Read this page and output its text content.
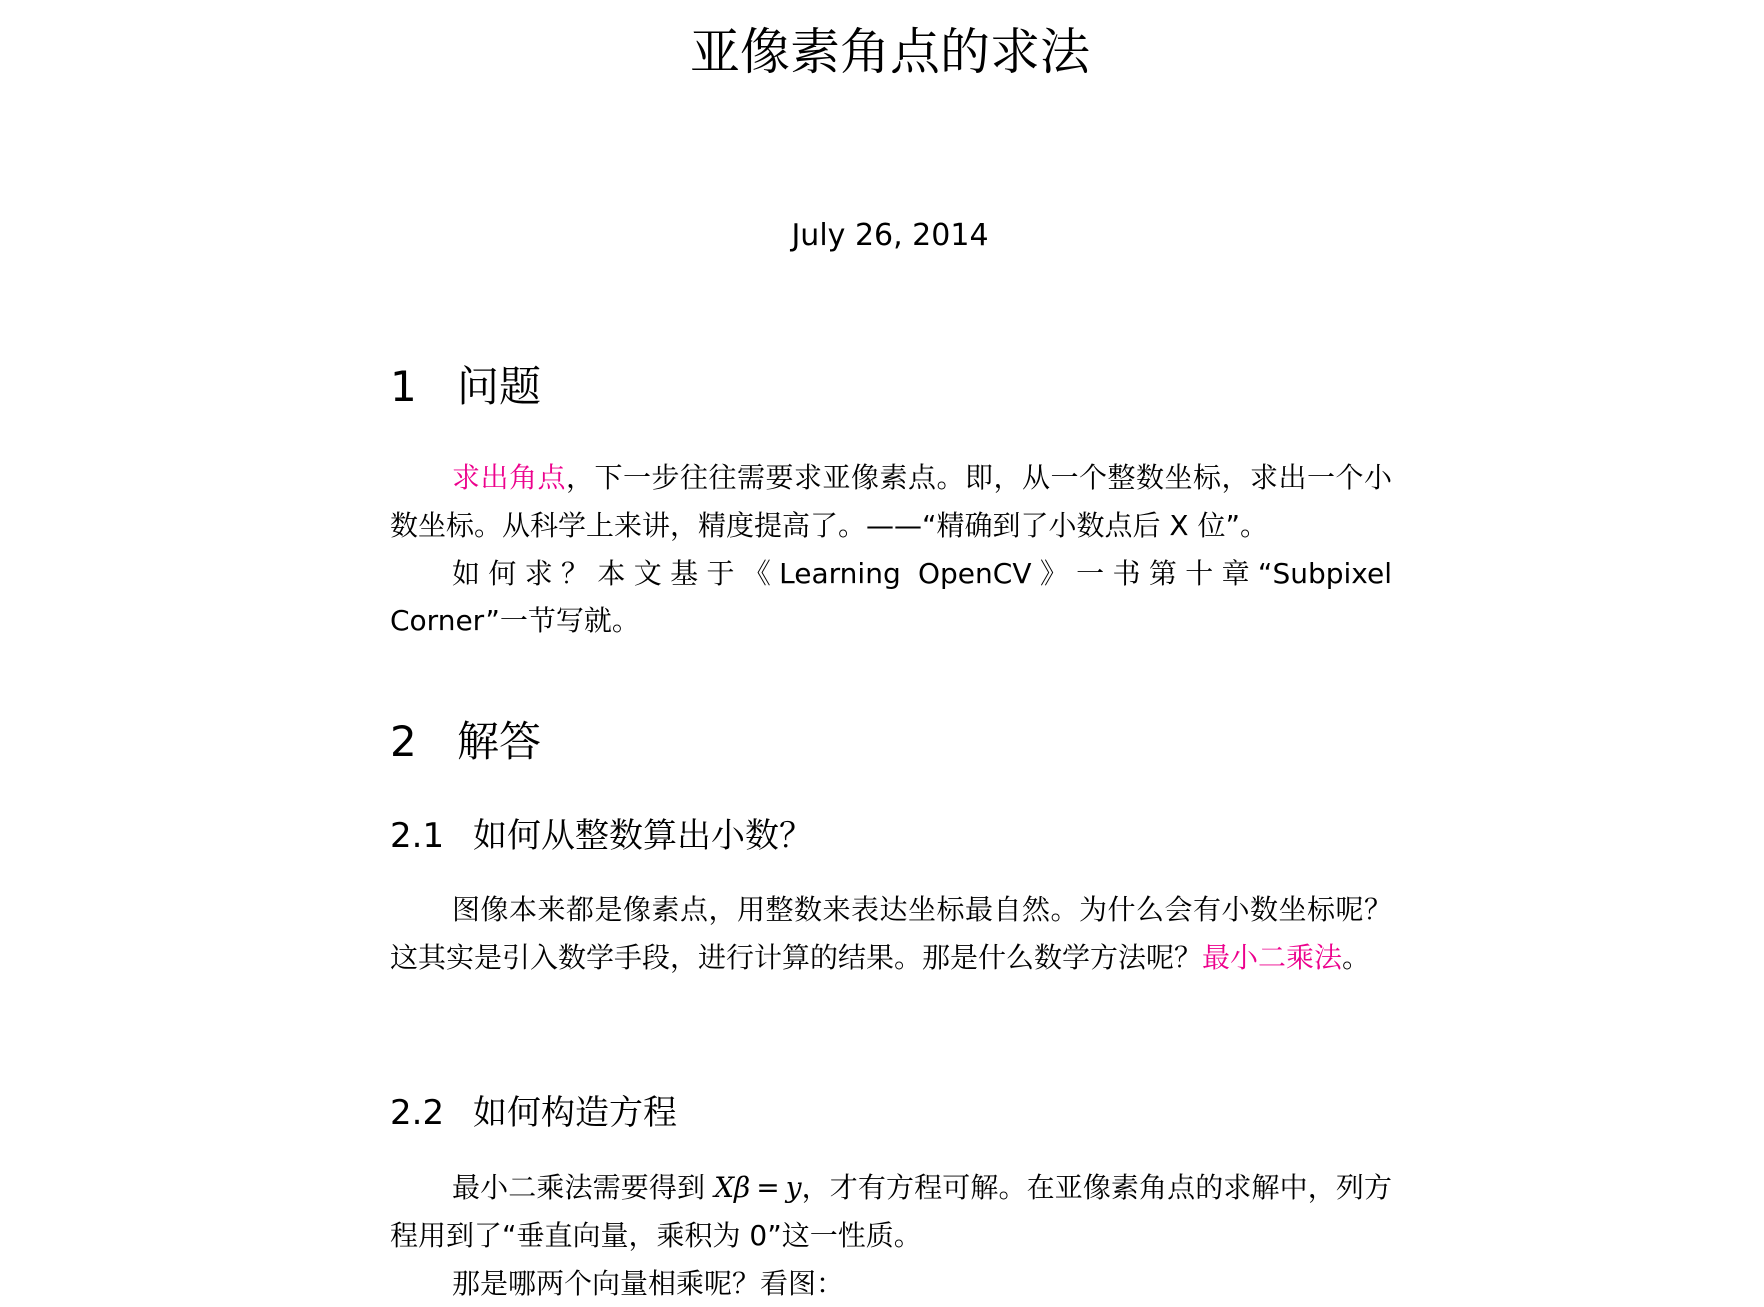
亚像素角点的求法
July 26, 2014
1 问题

求出角点，下一步往往需要求亚像素点。即，从一个整数坐标，求出一个小数坐标。从科学上来讲，精度提高了。——“精确到了小数点后 X 位”。

如何求？本文基于《Learning OpenCV》一书第十章“Subpixel Corner”一节写就。

2 解答
2.1 如何从整数算出小数？

图像本来都是像素点，用整数来表达坐标最自然。为什么会有小数坐标呢？这其实是引入数学手段，进行计算的结果。那是什么数学方法呢？最小二乘法。

2.2 如何构造方程

最小二乘法需要得到 Xβ = y，才有方程可解。在亚像素角点的求解中，列方程用到了“垂直向量，乘积为 0”这一性质。

那是哪两个向量相乘呢？看图：
